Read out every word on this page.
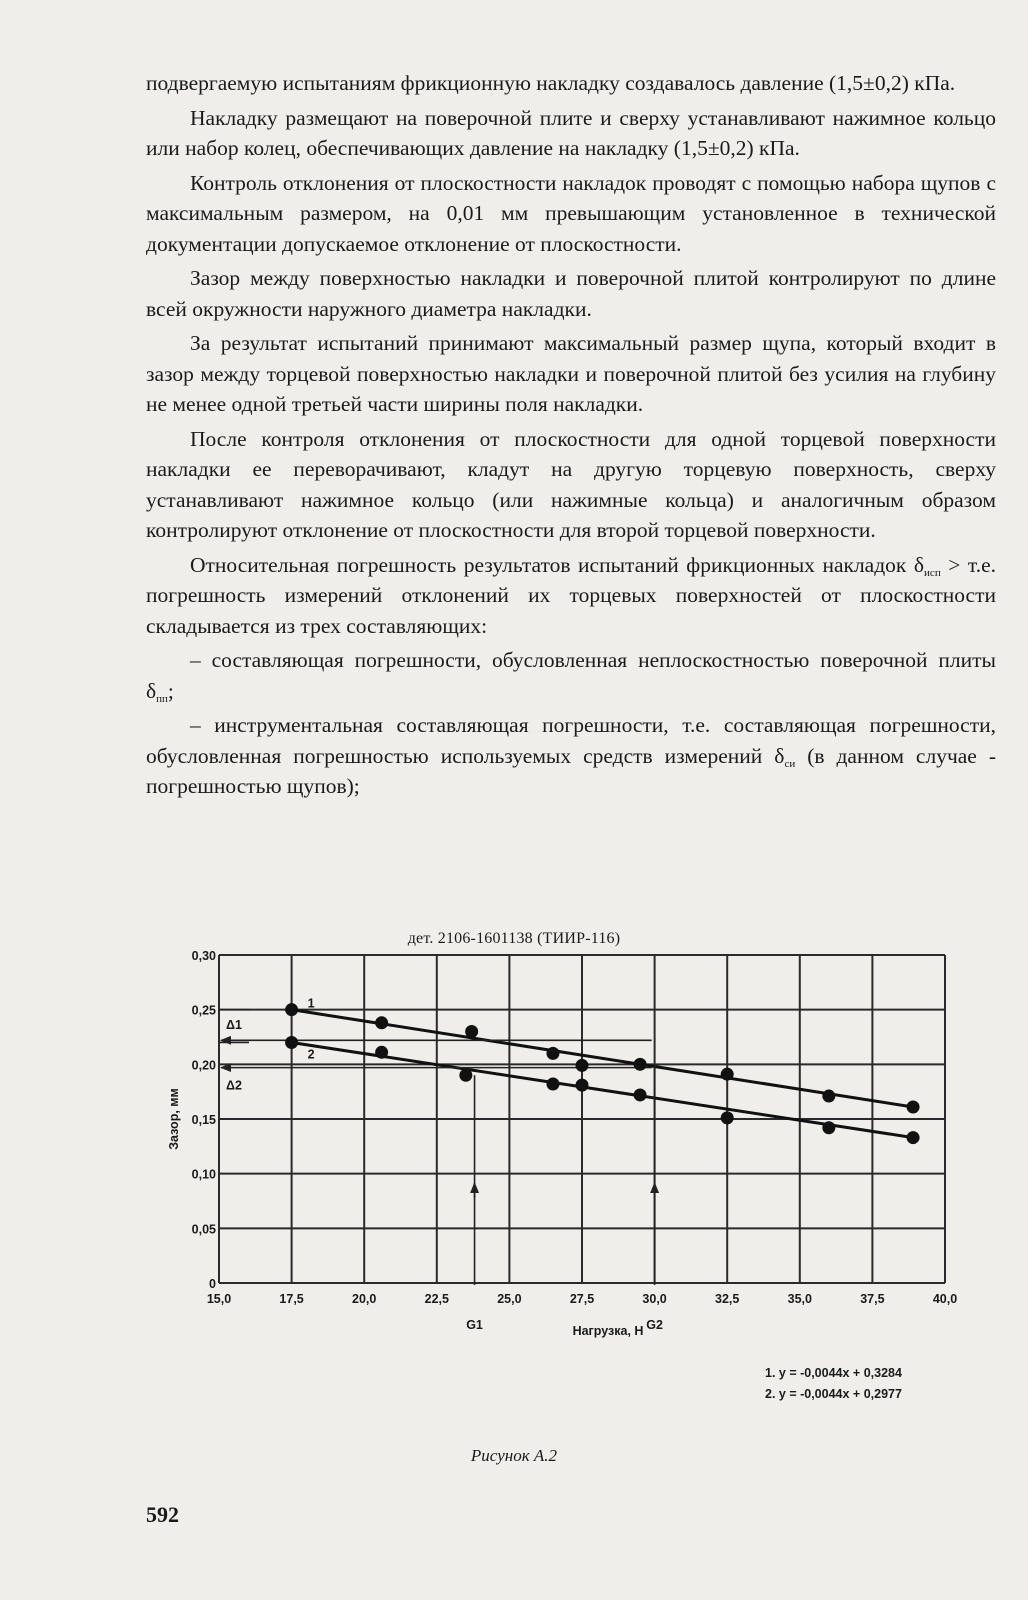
подвергаемую испытаниям фрикционную накладку создавалось давление (1,5±0,2) кПа.

Накладку размещают на поверочной плите и сверху устанавливают нажимное кольцо или набор колец, обеспечивающих давление на накладку (1,5±0,2) кПа.

Контроль отклонения от плоскостности накладок проводят с помощью набора щупов с максимальным размером, на 0,01 мм превышающим установленное в технической документации допускаемое отклонение от плоскостности.

Зазор между поверхностью накладки и поверочной плитой контролируют по длине всей окружности наружного диаметра накладки.

За результат испытаний принимают максимальный размер щупа, который входит в зазор между торцевой поверхностью накладки и поверочной плитой без усилия на глубину не менее одной третьей части ширины поля накладки.

После контроля отклонения от плоскостности для одной торцевой поверхности накладки ее переворачивают, кладут на другую торцевую поверхность, сверху устанавливают нажимное кольцо (или нажимные кольца) и аналогичным образом контролируют отклонение от плоскостности для второй торцевой поверхности.

Относительная погрешность результатов испытаний фрикционных накладок $\delta_{исп} > т.е$. погрешность измерений отклонений их торцевых поверхностей от плоскостности складывается из трех составляющих:

– составляющая погрешности, обусловленная неплоскостностью поверочной плиты $\delta_{пп}$;

– инструментальная составляющая погрешности, т.е. составляющая погрешности, обусловленная погрешностью используемых средств измерений $\delta_{си}$ (в данном случае - погрешностью щупов);

дет. 2106-1601138 (ТИИР-116)
15,0	17,5	20,0	22,5	25,0	27,5	30,0	32,5	35,0	37,5	40,0
0
0,05
0,10
0,15
0,20
0,25
0,30
Нагрузка, Н
Зазор, мм
1
2
Δ1
Δ2
G1	G2
1. y = -0,0044x + 0,3284
2. y = -0,0044x + 0,2977
Рисунок А.2
592
